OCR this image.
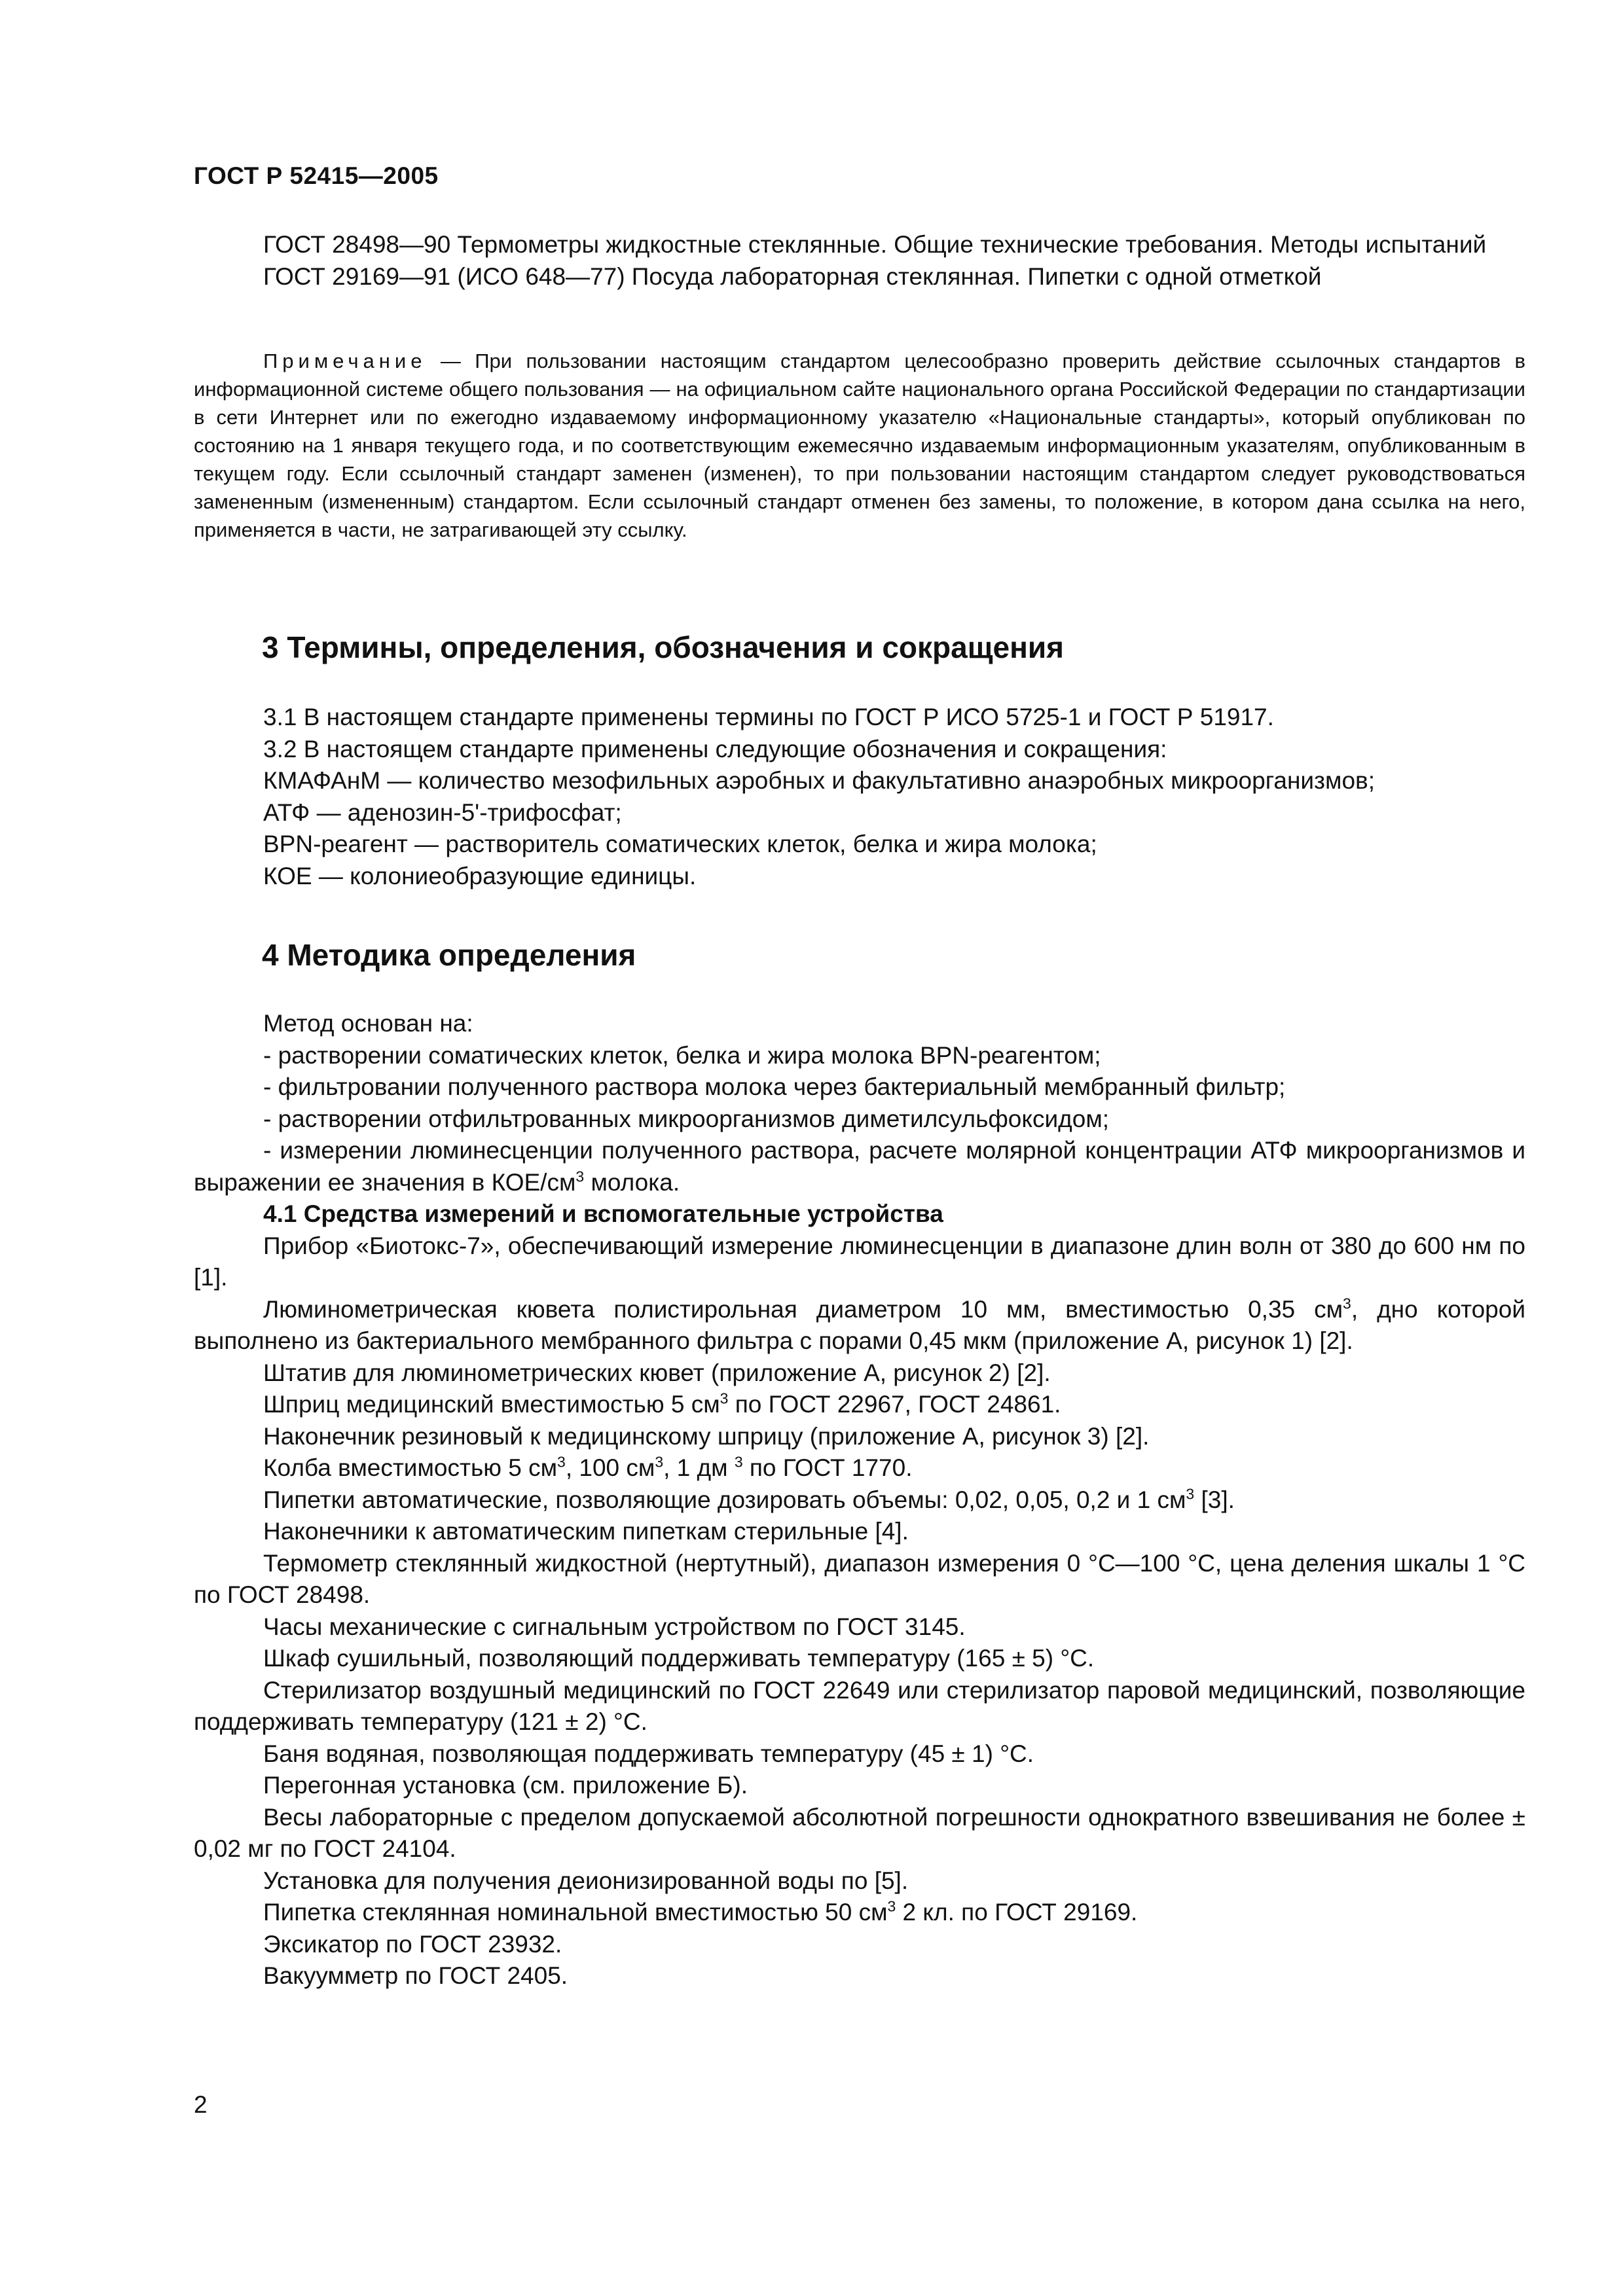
ГОСТ Р 52415—2005

ГОСТ 28498—90 Термометры жидкостные стеклянные. Общие технические требования. Методы испытаний

ГОСТ 29169—91 (ИСО 648—77) Посуда лабораторная стеклянная. Пипетки с одной отметкой

Примечание — При пользовании настоящим стандартом целесообразно проверить действие ссылочных стандартов в информационной системе общего пользования — на официальном сайте национального органа Российской Федерации по стандартизации в сети Интернет или по ежегодно издаваемому информационному указателю «Национальные стандарты», который опубликован по состоянию на 1 января текущего года, и по соответствующим ежемесячно издаваемым информационным указателям, опубликованным в текущем году. Если ссылочный стандарт заменен (изменен), то при пользовании настоящим стандартом следует руководствоваться замененным (измененным) стандартом. Если ссылочный стандарт отменен без замены, то положение, в котором дана ссылка на него, применяется в части, не затрагивающей эту ссылку.

3 Термины, определения, обозначения и сокращения

3.1 В настоящем стандарте применены термины по ГОСТ Р ИСО 5725-1 и ГОСТ Р 51917.

3.2 В настоящем стандарте применены следующие обозначения и сокращения:

КМАФАнМ — количество мезофильных аэробных и факультативно анаэробных микроорганизмов;

АТФ — аденозин-5'-трифосфат;

BPN-реагент — растворитель соматических клеток, белка и жира молока;

КОЕ — колониеобразующие единицы.

4 Методика определения

Метод основан на:

- растворении соматических клеток, белка и жира молока BPN-реагентом;

- фильтровании полученного раствора молока через бактериальный мембранный фильтр;

- растворении отфильтрованных микроорганизмов диметилсульфоксидом;

- измерении люминесценции полученного раствора, расчете молярной концентрации АТФ микроорганизмов и выражении ее значения в КОЕ/$см^3$ молока.

4.1 Средства измерений и вспомогательные устройства

Прибор «Биотокс-7», обеспечивающий измерение люминесценции в диапазоне длин волн от 380 до 600 нм по [1].

Люминометрическая кювета полистирольная диаметром 10 мм, вместимостью 0,35 $см^3$, дно которой выполнено из бактериального мембранного фильтра с порами 0,45 мкм (приложение А, рисунок 1) [2].

Штатив для люминометрических кювет (приложение А, рисунок 2) [2].

Шприц медицинский вместимостью 5 $см^3$ по ГОСТ 22967, ГОСТ 24861.

Наконечник резиновый к медицинскому шприцу (приложение А, рисунок 3) [2].

Колба вместимостью 5 $см^3$, 100 $см^3$, 1 дм $^3$ по ГОСТ 1770.

Пипетки автоматические, позволяющие дозировать объемы: 0,02, 0,05, 0,2 и 1 $см^3$ [3].

Наконечники к автоматическим пипеткам стерильные [4].

Термометр стеклянный жидкостной (нертутный), диапазон измерения 0 °С—100 °С, цена деления шкалы 1 °С по ГОСТ 28498.

Часы механические с сигнальным устройством по ГОСТ 3145.

Шкаф сушильный, позволяющий поддерживать температуру (165 ± 5) °С.

Стерилизатор воздушный медицинский по ГОСТ 22649 или стерилизатор паровой медицинский, позволяющие поддерживать температуру (121 ± 2) °С.

Баня водяная, позволяющая поддерживать температуру (45 ± 1) °С.

Перегонная установка (см. приложение Б).

Весы лабораторные с пределом допускаемой абсолютной погрешности однократного взвешивания не более ± 0,02 мг по ГОСТ 24104.

Установка для получения деионизированной воды по [5].

Пипетка стеклянная номинальной вместимостью 50 $см^3$ 2 кл. по ГОСТ 29169.

Эксикатор по ГОСТ 23932.

Вакуумметр по ГОСТ 2405.

2
